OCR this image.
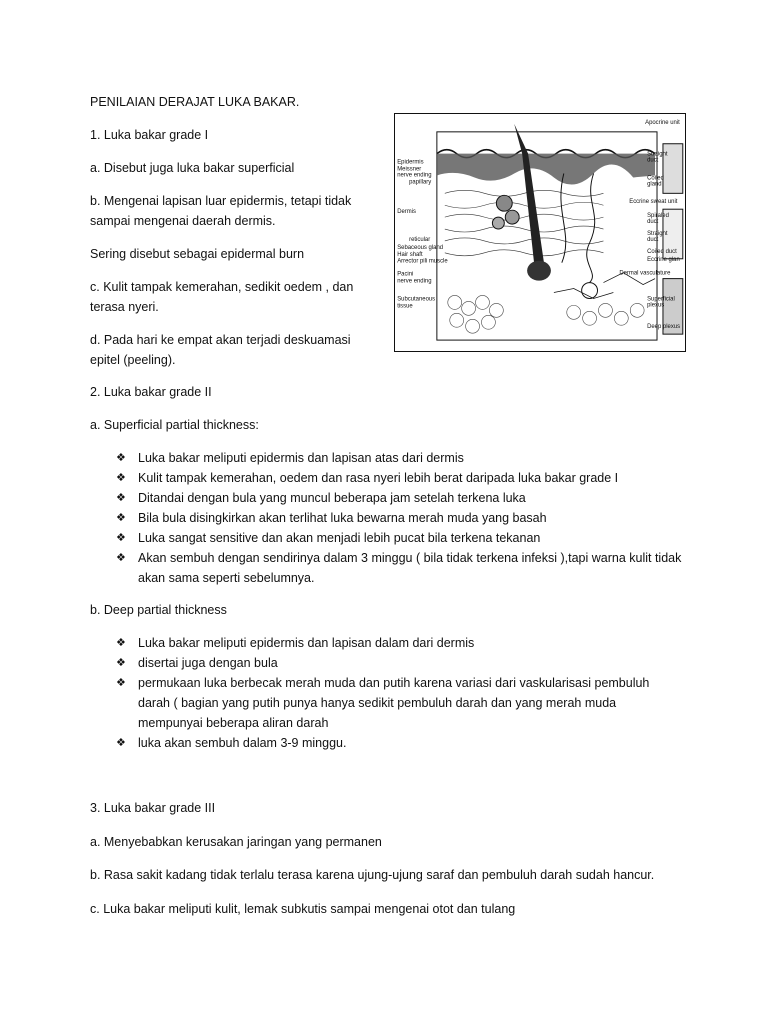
PENILAIAN DERAJAT LUKA BAKAR.

1. Luka bakar grade I

a. Disebut juga luka bakar superficial

b. Mengenai lapisan luar epidermis, tetapi tidak sampai mengenai daerah dermis.

Sering disebut sebagai epidermal burn

c. Kulit tampak kemerahan, sedikit oedem , dan terasa nyeri.

d. Pada hari ke empat akan terjadi deskuamasi epitel (peeling).

Epidermis
Meissner
nerve ending
papillary
Dermis
reticular
Sebaceous gland
Hair shaft
Arrector pili muscle
Pacini
nerve ending
Subcutaneous
tissue
Apocrine unit
Straight
duct
Coiled
gland
Eccrine sweat unit
Spiraled
duct
Straight
duct
Coiled duct
Eccrine glan
Dermal vasculature
Superficial
plexus
Deep plexus

2. Luka bakar grade II

a. Superficial partial thickness:

❖ Luka bakar meliputi epidermis dan lapisan atas dari dermis
❖ Kulit tampak kemerahan, oedem dan rasa nyeri lebih berat daripada luka bakar grade I
❖ Ditandai dengan bula yang muncul beberapa jam setelah terkena luka
❖ Bila bula disingkirkan akan terlihat luka bewarna merah muda yang basah
❖ Luka sangat sensitive dan akan menjadi lebih pucat bila terkena tekanan
❖ Akan sembuh dengan sendirinya dalam 3 minggu ( bila tidak terkena infeksi ),tapi warna kulit tidak akan sama seperti sebelumnya.

b. Deep partial thickness

❖ Luka bakar meliputi epidermis dan lapisan dalam dari dermis
❖ disertai juga dengan bula
❖ permukaan luka berbecak merah muda dan putih karena variasi dari vaskularisasi pembuluh darah ( bagian yang putih punya hanya sedikit pembuluh darah dan yang merah muda mempunyai beberapa aliran darah
❖ luka akan sembuh dalam 3-9 minggu.

3. Luka bakar grade III

a. Menyebabkan kerusakan jaringan yang permanen

b. Rasa sakit kadang tidak terlalu terasa karena ujung-ujung saraf dan pembuluh darah sudah hancur.

c. Luka bakar meliputi kulit, lemak subkutis sampai mengenai otot dan tulang
